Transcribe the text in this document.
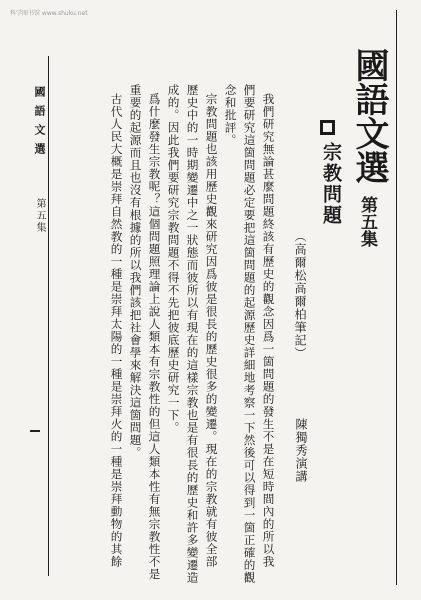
科学图书馆 www.shuku.net
國語文選
第五集
國語文選
第五集
宗教問題
（高爾松高爾柏筆記）
陳獨秀演講
我們研究無論甚麼問題終該有歷史的觀念因爲一箇問題的發生不是在短時間內的所以我
們要研究這箇問題必定要把這箇問題的起源歷史詳細地考察一下然後可以得到一箇正確的觀
念和批評。
宗教問題也該用歷史觀來研究因爲彼是很長的歷史很多的變遷。現在的宗教就有彼全部
歷史中的一時期變遷中之一狀態而彼所以有現在的這樣宗教也是有很長的歷史和許多變遷造
成的。因此我們要研究宗教問題不得不先把彼底歷史研究一下。
爲什麼發生宗教呢？這個問題照理論上說人類本有宗教性的但這人類本性有無宗教性不是
重要的起源而且也沒有根據的所以我們該把社會學來解決這箇問題。
古代人民大概是崇拜自然教的一種是崇拜太陽的一種是崇拜火的一種是崇拜動物的其餘
